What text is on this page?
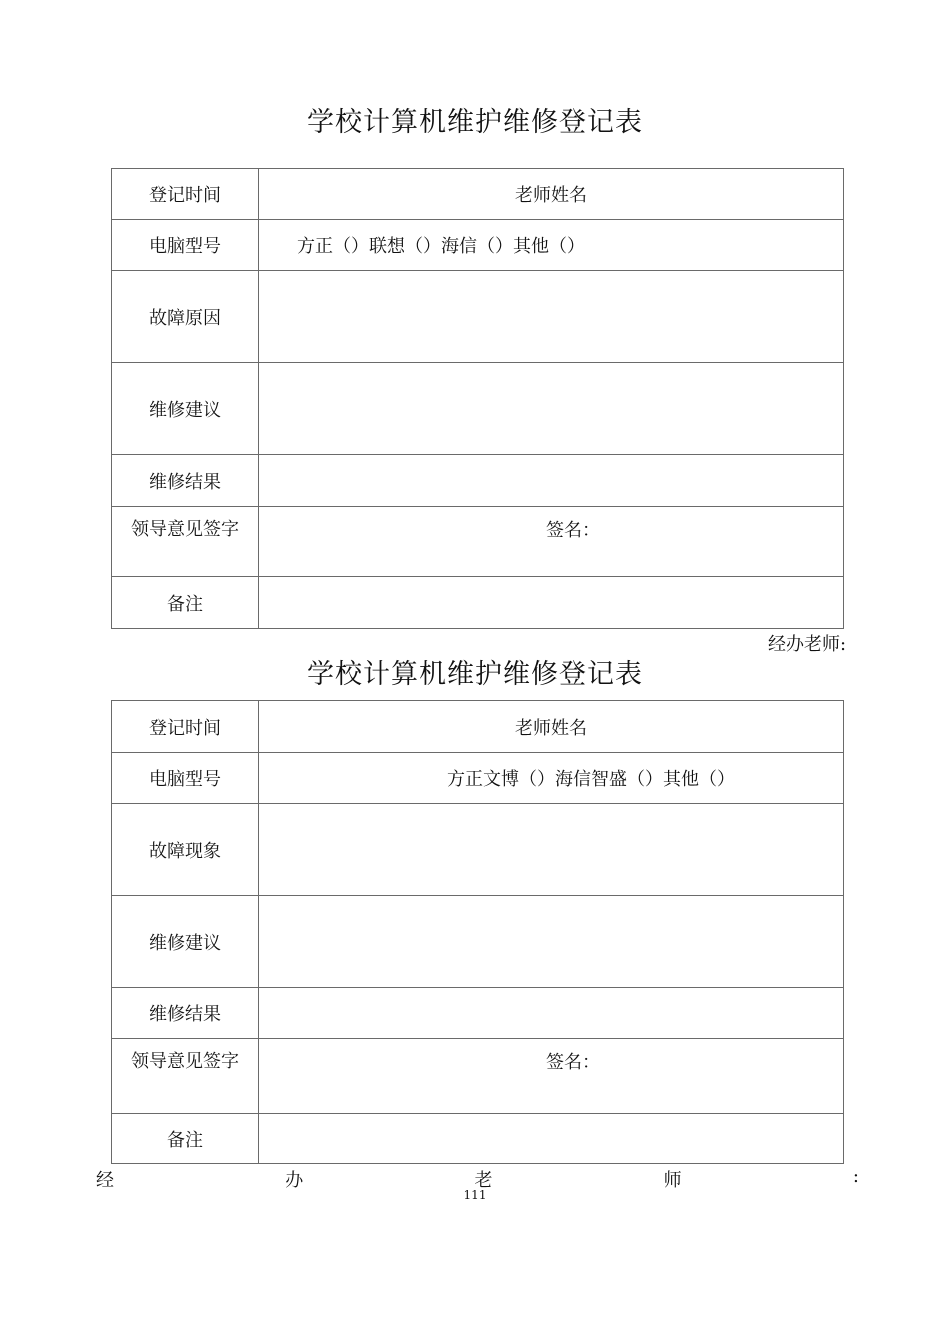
学校计算机维护维修登记表
登记时间	老师姓名
电脑型号	方正（）联想（）海信（）其他（）
故障原因	
维修建议	
维修结果	
领导意见签字	签名：
备注	
经办老师:
学校计算机维护维修登记表
登记时间	老师姓名
电脑型号	方正文博（）海信智盛（）其他（）
故障现象	
维修建议	
维修结果	
领导意见签字	签名：
备注	
经	办	老	师	:
111
